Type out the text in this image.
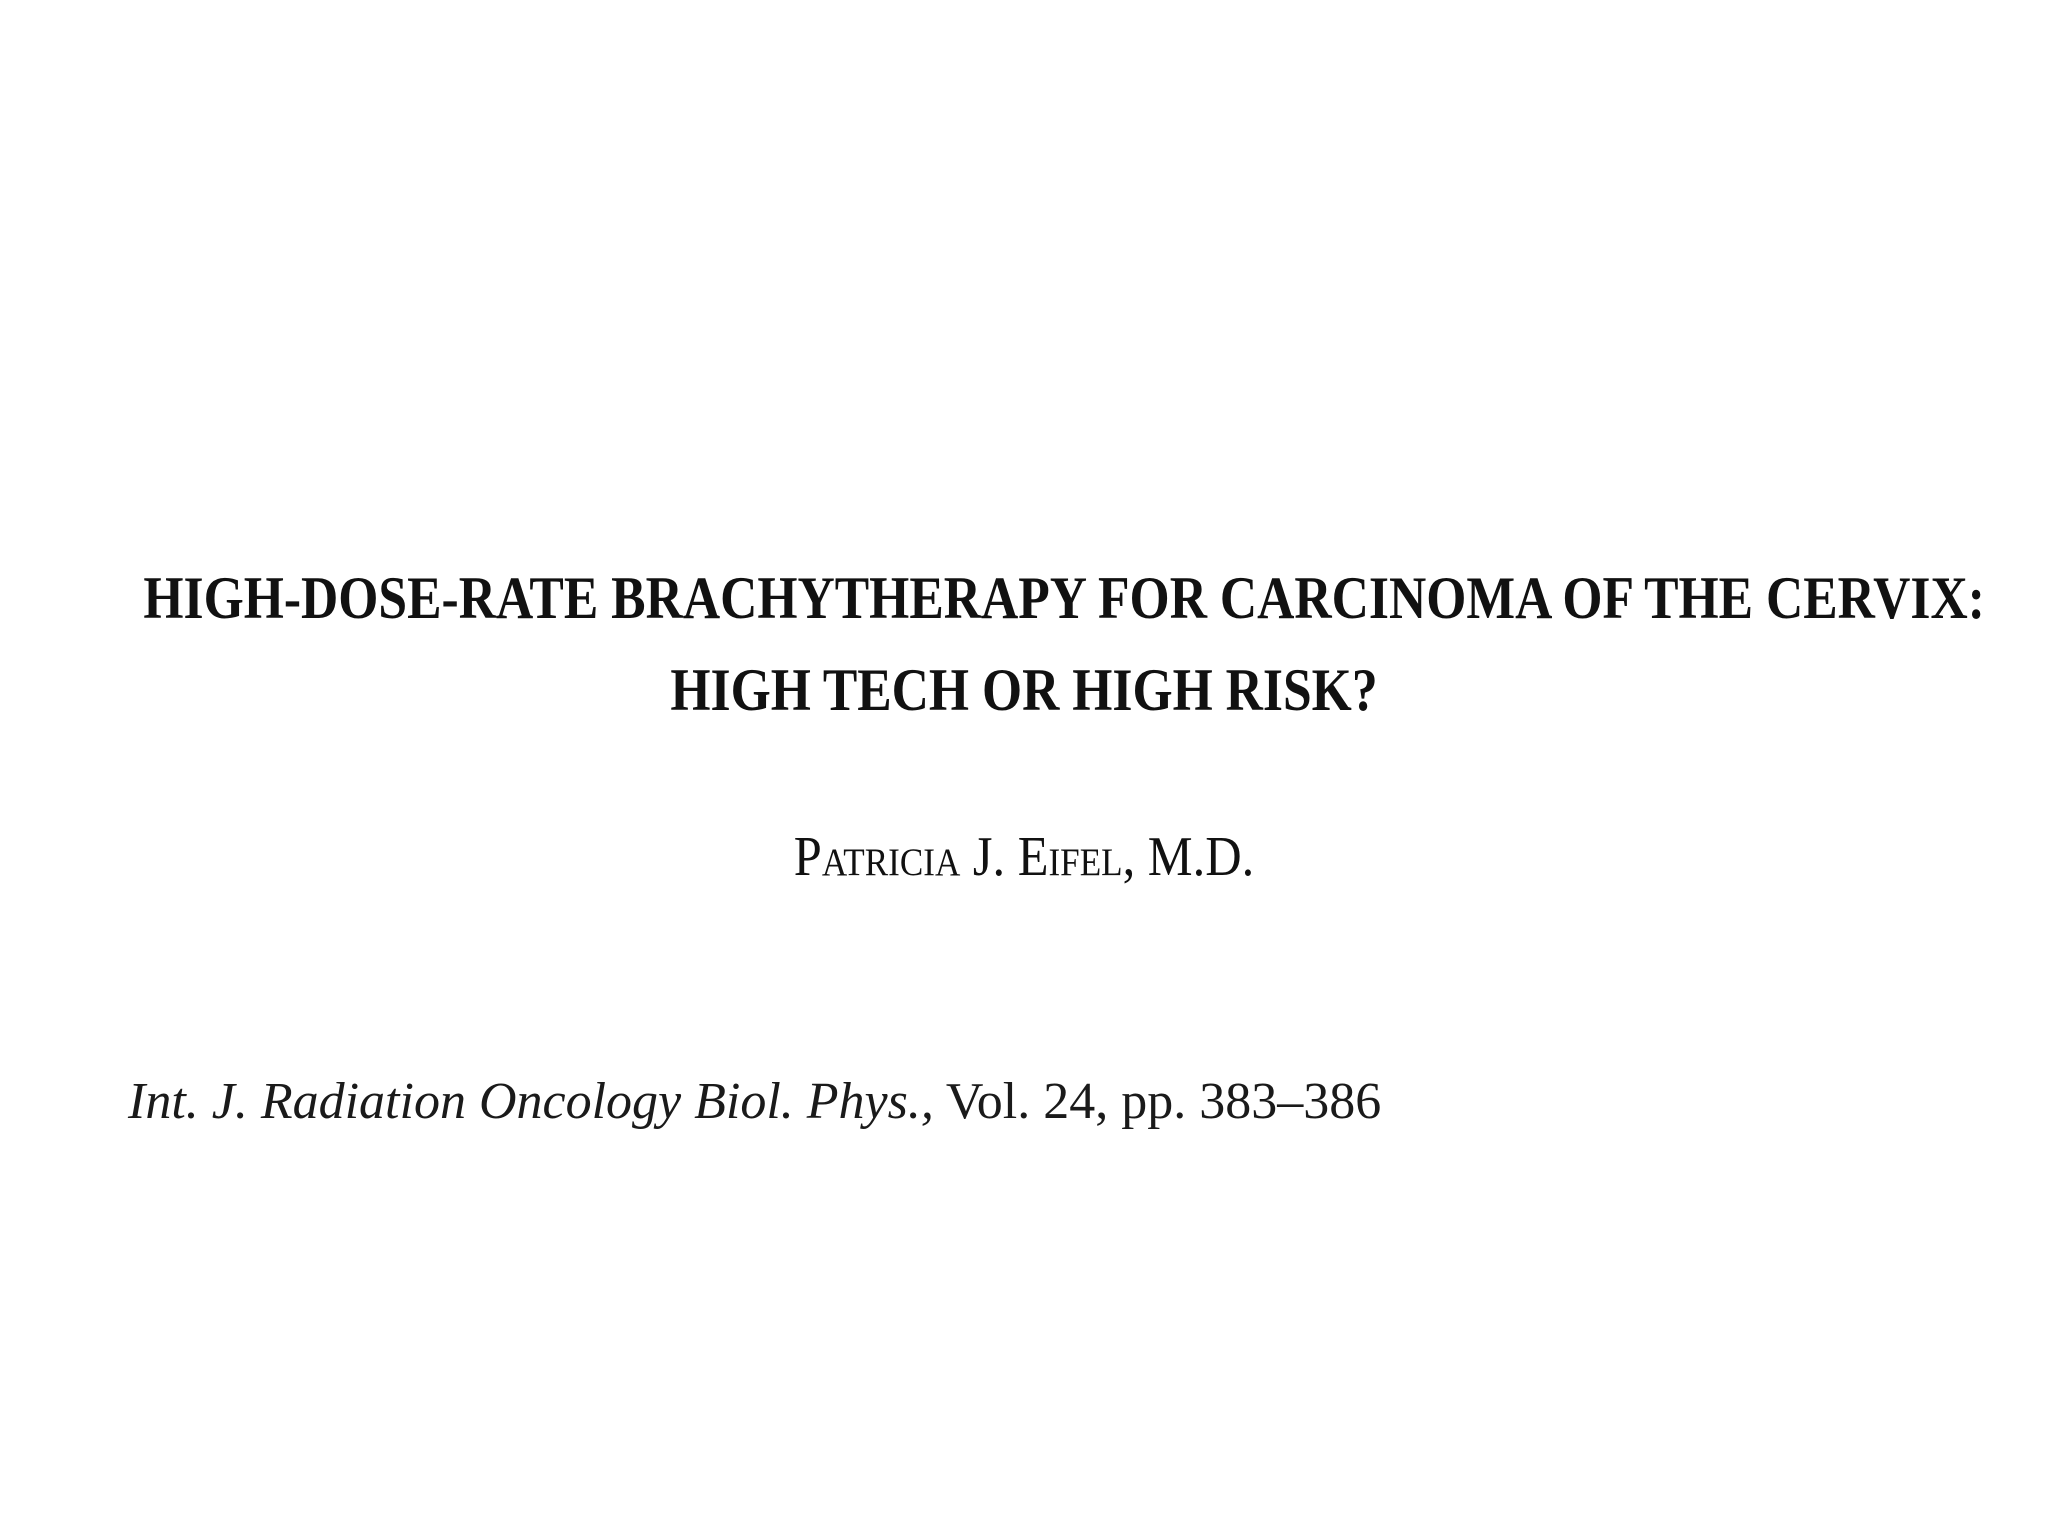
HIGH-DOSE-RATE BRACHYTHERAPY FOR CARCINOMA OF THE CERVIX:
HIGH TECH OR HIGH RISK?
Patricia J. Eifel, M.D.
Int. J. Radiation Oncology Biol. Phys., Vol. 24, pp. 383–386
